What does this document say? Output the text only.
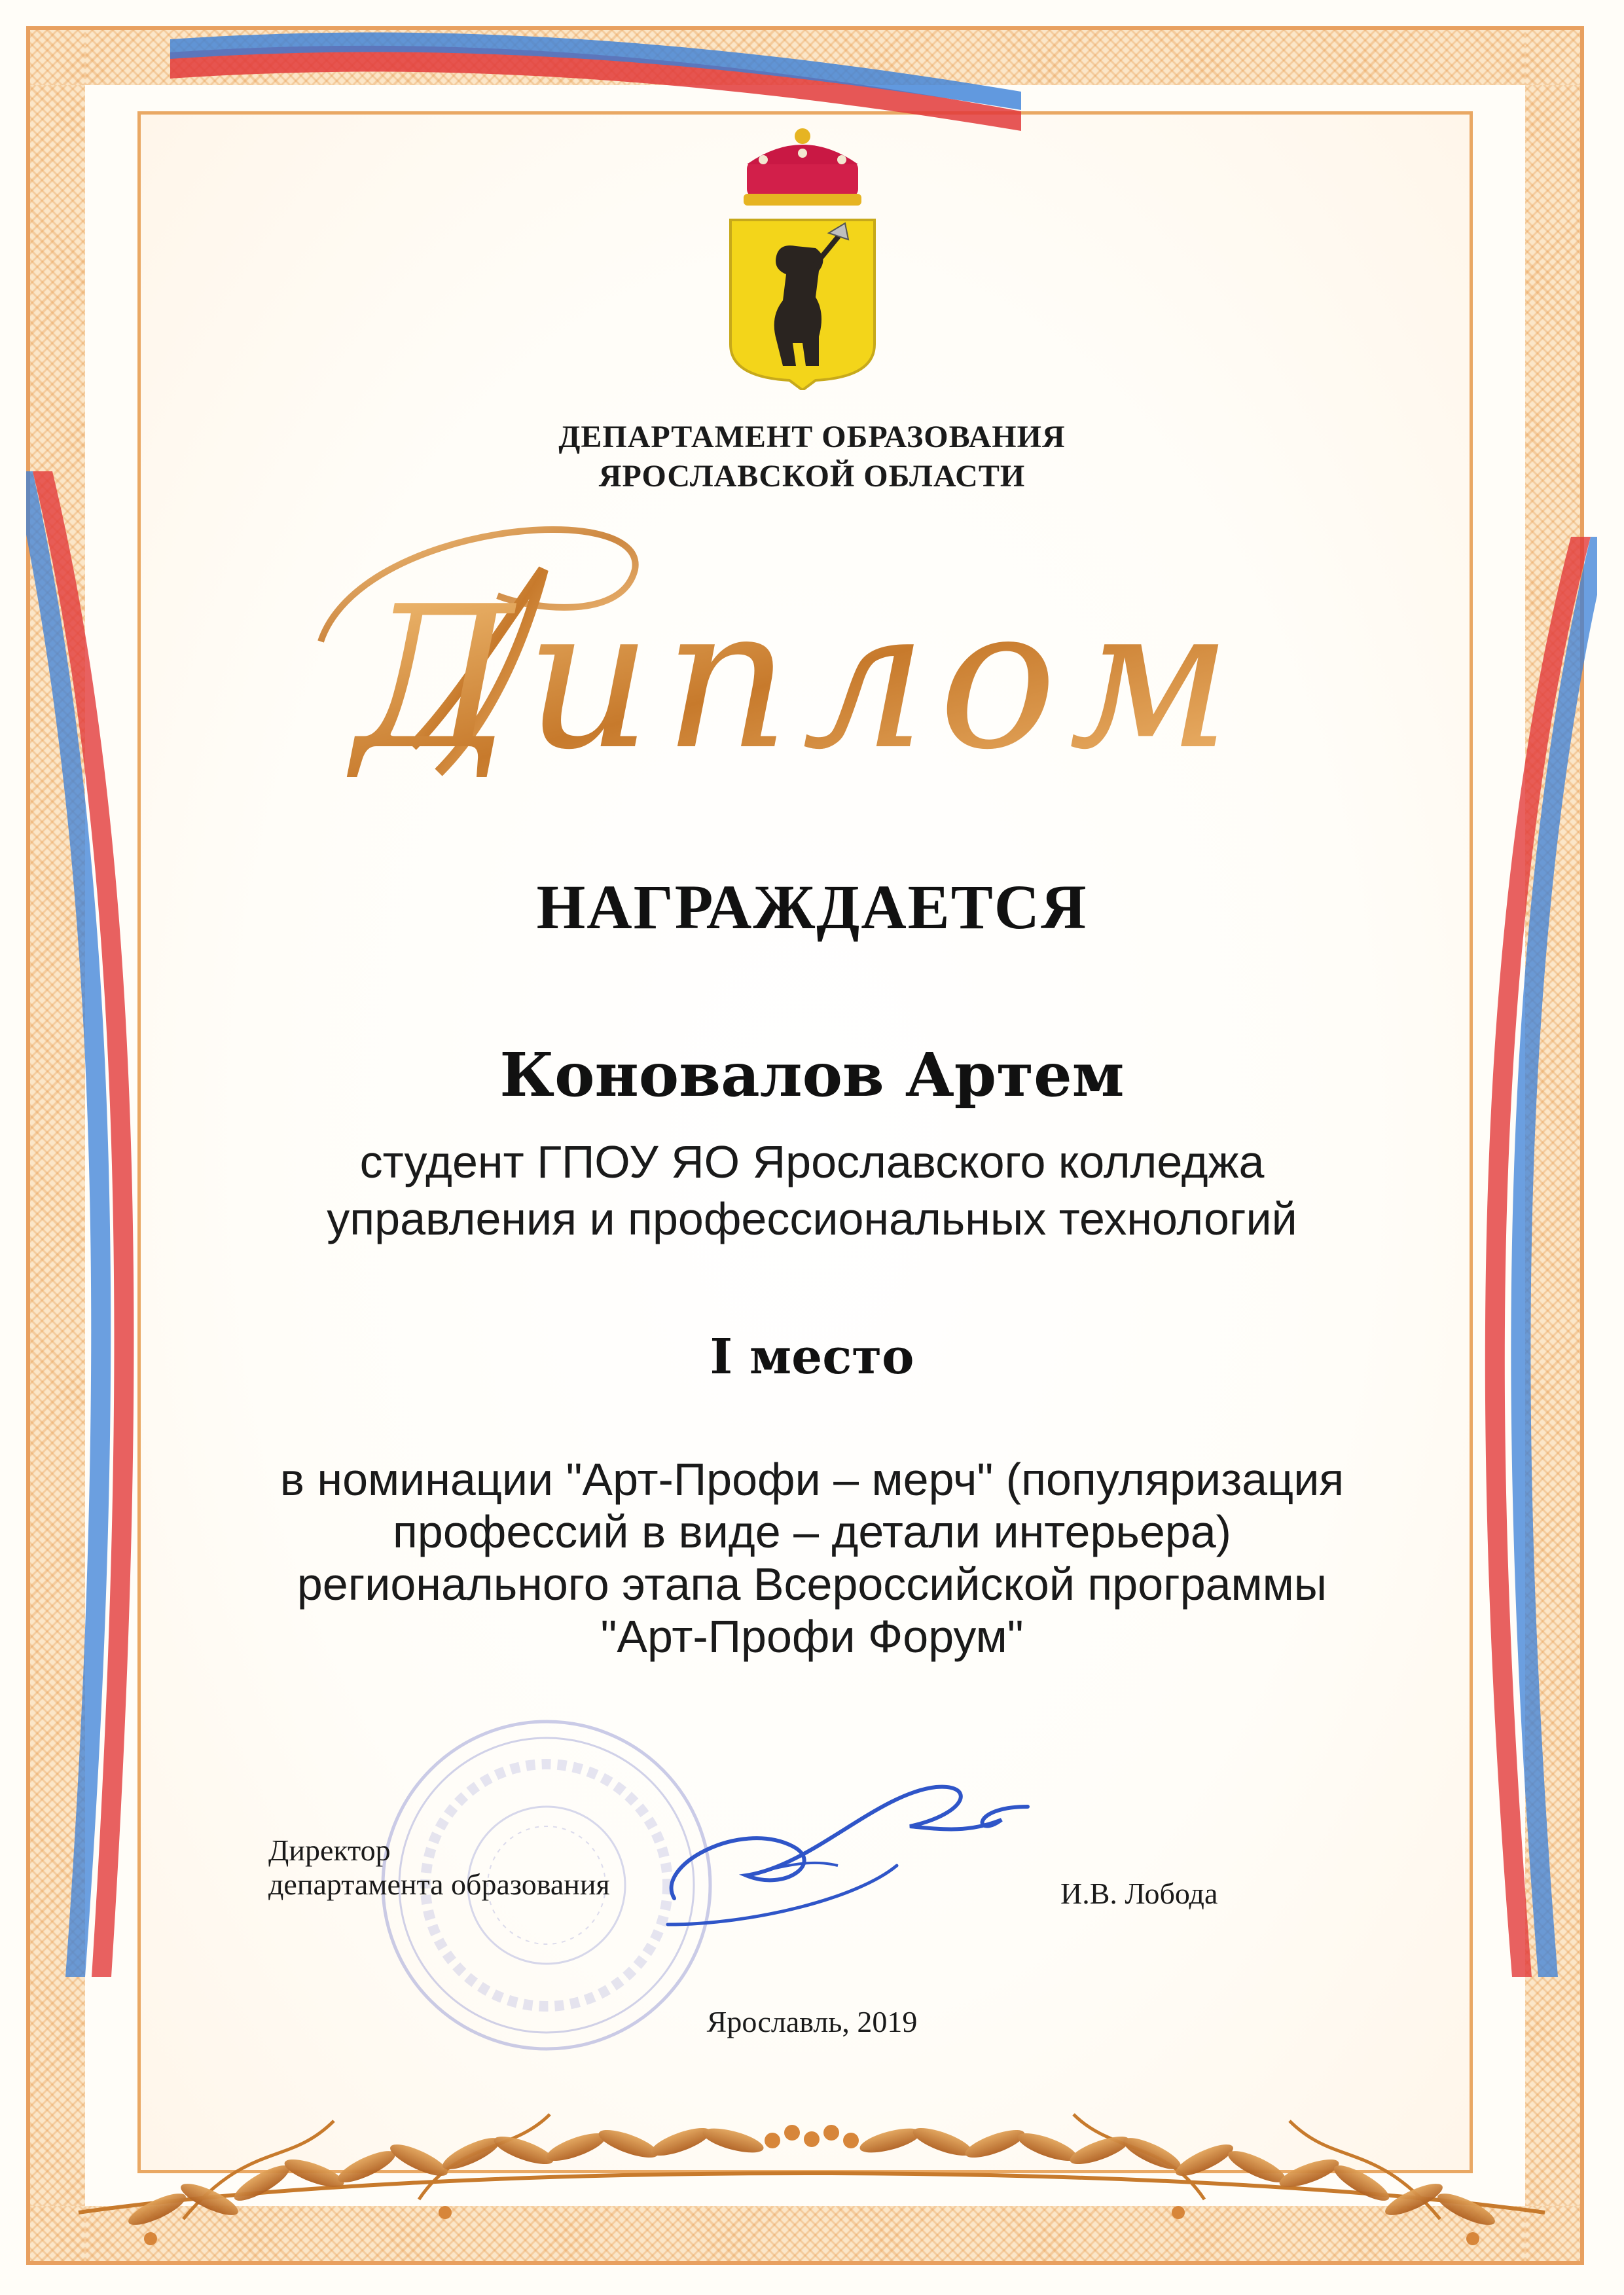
ДЕПАРТАМЕНТ ОБРАЗОВАНИЯ
ЯРОСЛАВСКОЙ ОБЛАСТИ
Диплом
НАГРАЖДАЕТСЯ
Коновалов Артем
студент ГПОУ ЯО Ярославского колледжа
управления и профессиональных технологий
I место
в номинации "Арт-Профи – мерч" (популяризация
профессий в виде – детали интерьера)
регионального этапа Всероссийской программы
"Арт-Профи Форум"
Директор
департамента образования	И.В. Лобода
Ярославль, 2019
